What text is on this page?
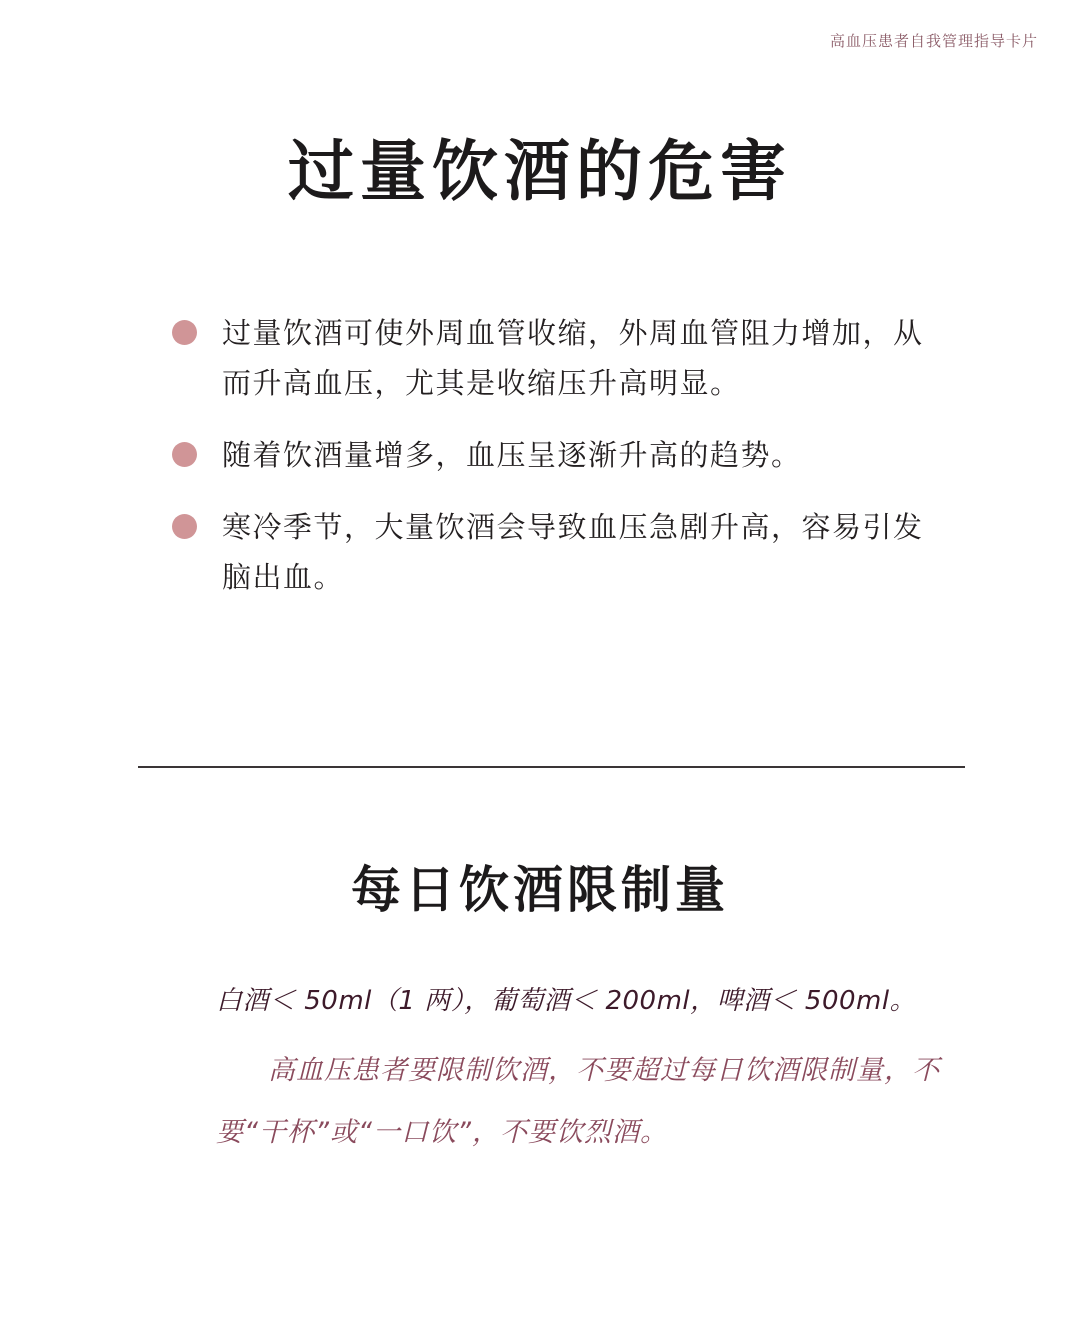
高血压患者自我管理指导卡片
过量饮酒的危害
过量饮酒可使外周血管收缩，外周血管阻力增加，从而升高血压，尤其是收缩压升高明显。
随着饮酒量增多，血压呈逐渐升高的趋势。
寒冷季节，大量饮酒会导致血压急剧升高，容易引发脑出血。
每日饮酒限制量
白酒＜ 50ml（1 两），葡萄酒＜ 200ml，啤酒＜ 500ml。

高血压患者要限制饮酒，不要超过每日饮酒限制量，不要“干杯”或“一口饮”，不要饮烈酒。
